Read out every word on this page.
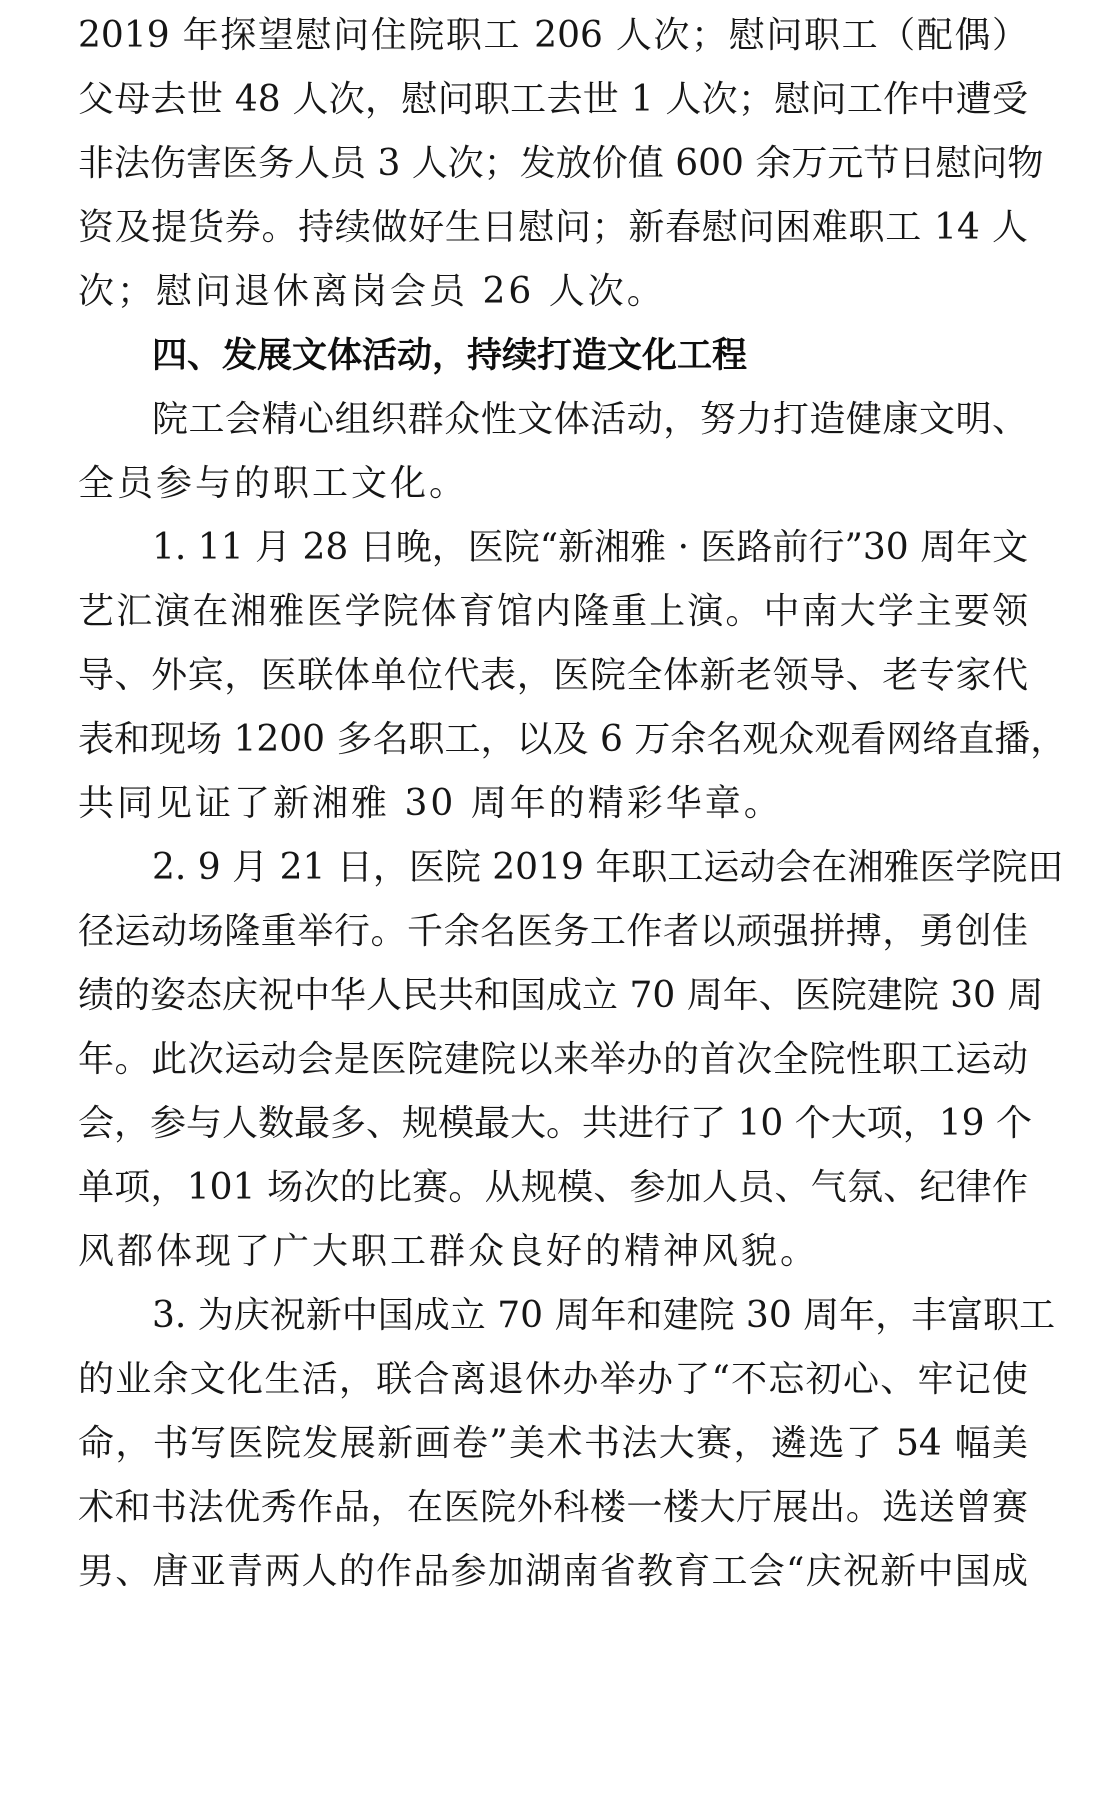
2019 年探望慰问住院职工 206 人次；慰问职工（配偶）
父母去世 48 人次，慰问职工去世 1 人次；慰问工作中遭受
非法伤害医务人员 3 人次；发放价值 600 余万元节日慰问物
资及提货券。持续做好生日慰问；新春慰问困难职工 14 人
次；慰问退休离岗会员 26 人次。
四、发展文体活动，持续打造文化工程
院工会精心组织群众性文体活动，努力打造健康文明、
全员参与的职工文化。
1. 11 月 28 日晚，医院“新湘雅 · 医路前行”30 周年文
艺汇演在湘雅医学院体育馆内隆重上演。中南大学主要领
导、外宾，医联体单位代表，医院全体新老领导、老专家代
表和现场 1200 多名职工，以及 6 万余名观众观看网络直播，
共同见证了新湘雅 30 周年的精彩华章。
2. 9 月 21 日，医院 2019 年职工运动会在湘雅医学院田
径运动场隆重举行。千余名医务工作者以顽强拼搏，勇创佳
绩的姿态庆祝中华人民共和国成立 70 周年、医院建院 30 周
年。此次运动会是医院建院以来举办的首次全院性职工运动
会，参与人数最多、规模最大。共进行了 10 个大项，19 个
单项，101 场次的比赛。从规模、参加人员、气氛、纪律作
风都体现了广大职工群众良好的精神风貌。
3. 为庆祝新中国成立 70 周年和建院 30 周年，丰富职工
的业余文化生活，联合离退休办举办了“不忘初心、牢记使
命，书写医院发展新画卷”美术书法大赛，遴选了 54 幅美
术和书法优秀作品，在医院外科楼一楼大厅展出。选送曾赛
男、唐亚青两人的作品参加湖南省教育工会“庆祝新中国成
